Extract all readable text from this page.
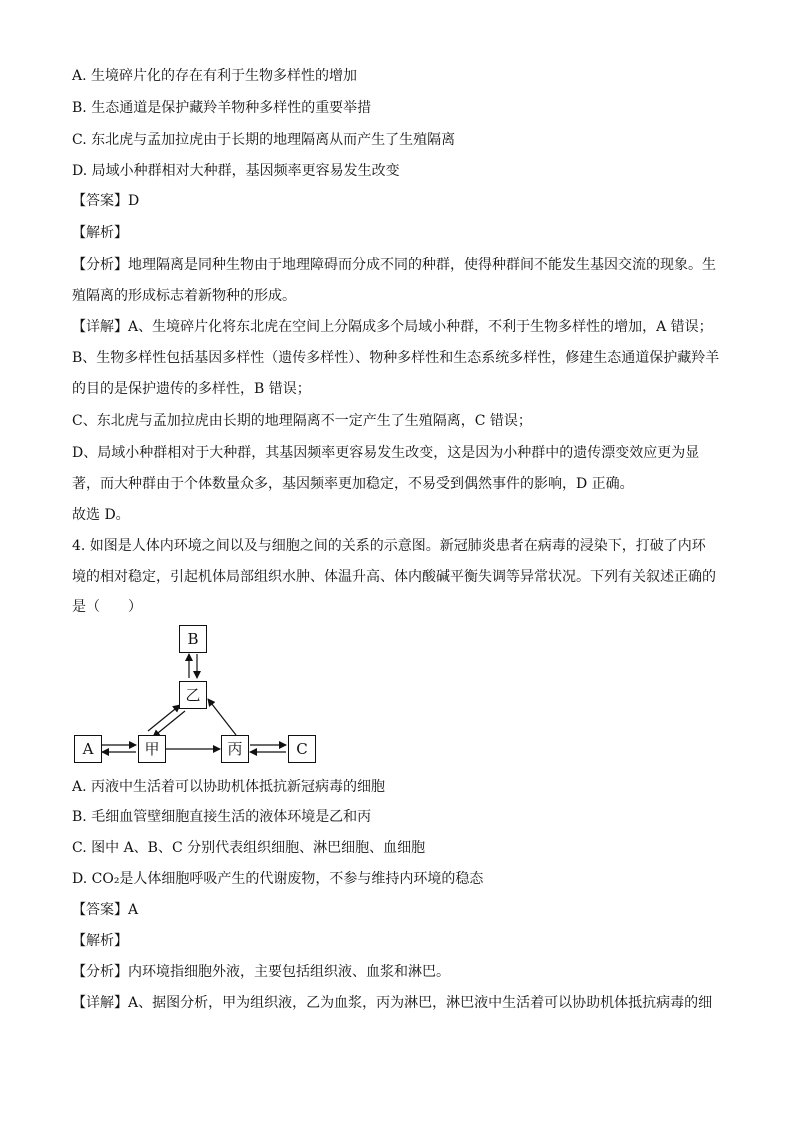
A. 生境碎片化的存在有利于生物多样性的增加
B. 生态通道是保护藏羚羊物种多样性的重要举措
C. 东北虎与孟加拉虎由于长期的地理隔离从而产生了生殖隔离
D. 局域小种群相对大种群，基因频率更容易发生改变
【答案】D
【解析】
【分析】地理隔离是同种生物由于地理障碍而分成不同的种群，使得种群间不能发生基因交流的现象。生
殖隔离的形成标志着新物种的形成。
【详解】A、生境碎片化将东北虎在空间上分隔成多个局域小种群，不利于生物多样性的增加，A 错误；
B、生物多样性包括基因多样性（遗传多样性）、物种多样性和生态系统多样性，修建生态通道保护藏羚羊
的目的是保护遗传的多样性，B 错误；
C、东北虎与孟加拉虎由长期的地理隔离不一定产生了生殖隔离，C 错误；
D、局域小种群相对于大种群，其基因频率更容易发生改变，这是因为小种群中的遗传漂变效应更为显
著，而大种群由于个体数量众多，基因频率更加稳定，不易受到偶然事件的影响，D 正确。
故选 D。
4. 如图是人体内环境之间以及与细胞之间的关系的示意图。新冠肺炎患者在病毒的浸染下，打破了内环
境的相对稳定，引起机体局部组织水肿、体温升高、体内酸碱平衡失调等异常状况。下列有关叙述正确的
是（　　）
B
乙
A	甲	丙	C
A. 丙液中生活着可以协助机体抵抗新冠病毒的细胞
B. 毛细血管壁细胞直接生活的液体环境是乙和丙
C. 图中 A、B、C 分别代表组织细胞、淋巴细胞、血细胞
D. CO₂是人体细胞呼吸产生的代谢废物，不参与维持内环境的稳态
【答案】A
【解析】
【分析】内环境指细胞外液，主要包括组织液、血浆和淋巴。
【详解】A、据图分析，甲为组织液，乙为血浆，丙为淋巴，淋巴液中生活着可以协助机体抵抗病毒的细
